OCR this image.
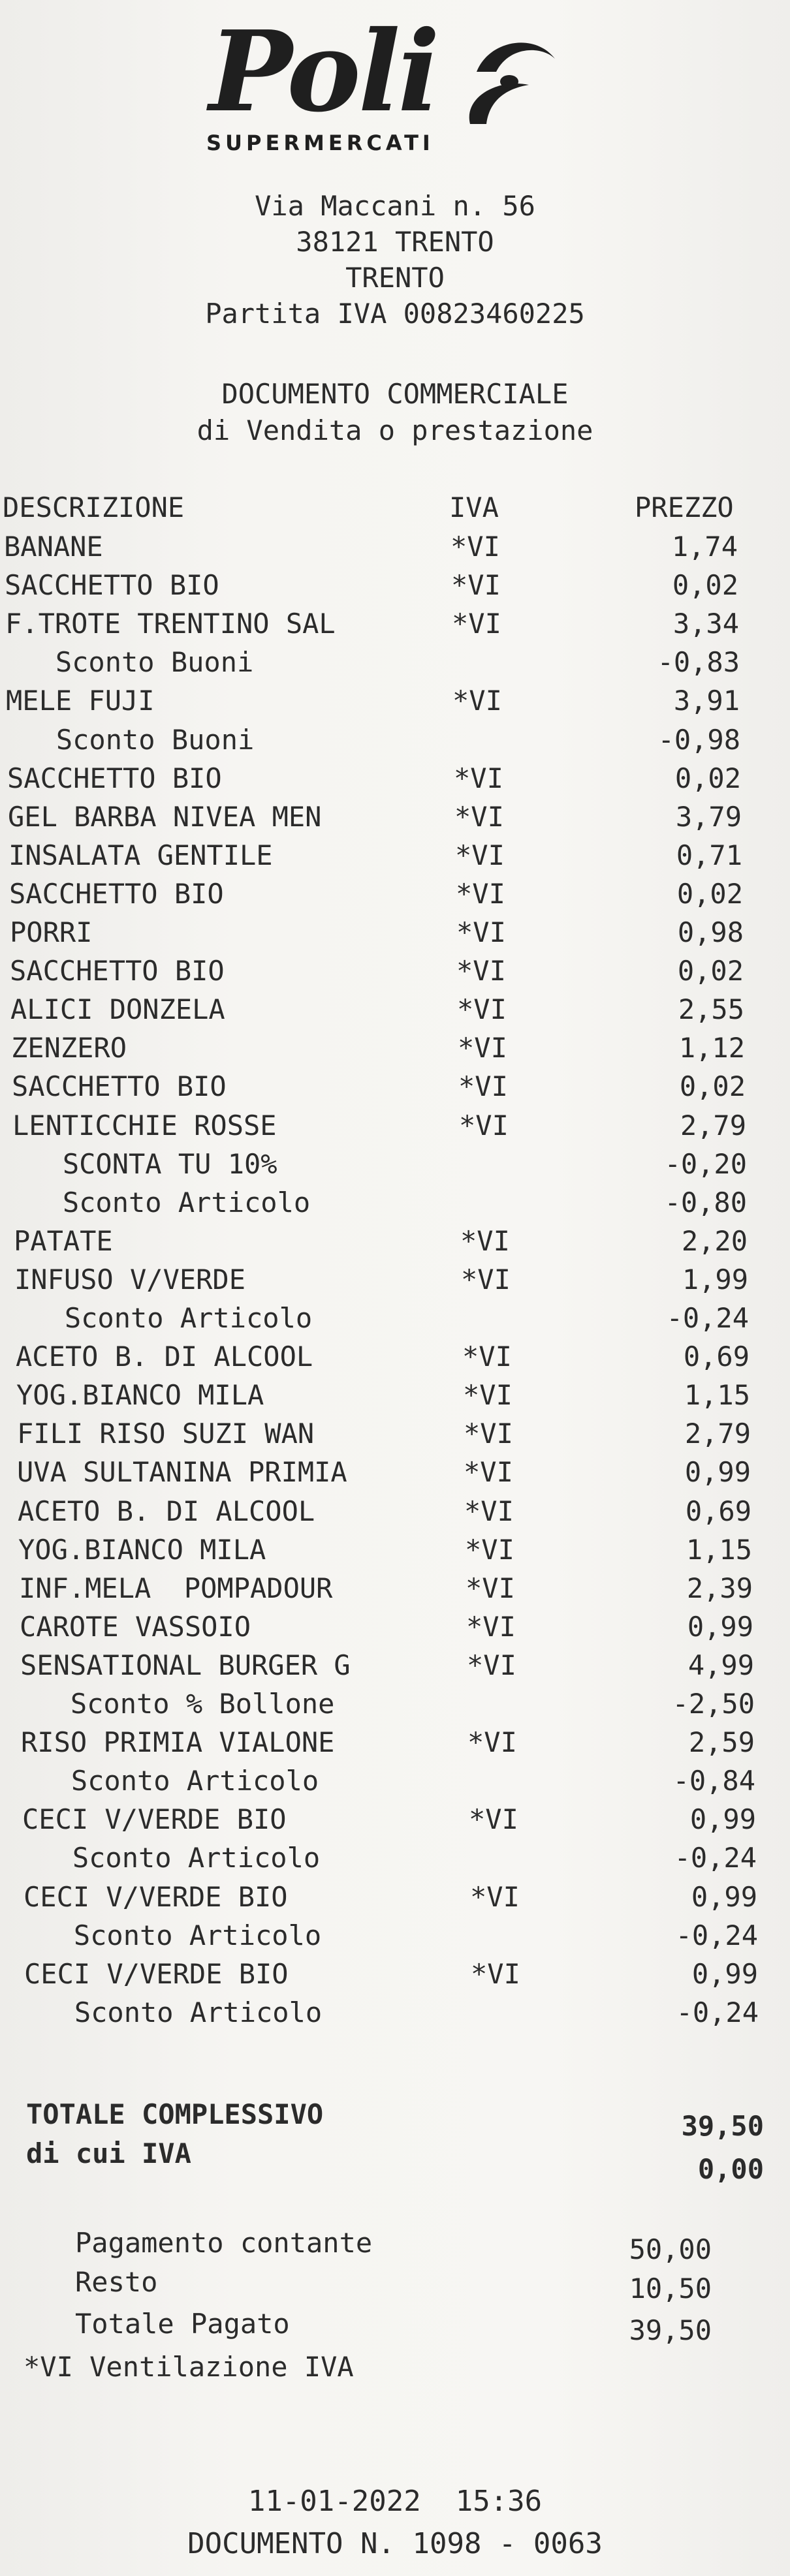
Poli
SUPERMERCATI
Via Maccani n. 56
38121 TRENTO
TRENTO
Partita IVA 00823460225
DOCUMENTO COMMERCIALE
di Vendita o prestazione
DESCRIZIONE	IVA	PREZZO
BANANE	*VI	1,74
SACCHETTO BIO	*VI	0,02
F.TROTE TRENTINO SAL	*VI	3,34
Sconto Buoni	-0,83
MELE FUJI	*VI	3,91
Sconto Buoni	-0,98
SACCHETTO BIO	*VI	0,02
GEL BARBA NIVEA MEN	*VI	3,79
INSALATA GENTILE	*VI	0,71
SACCHETTO BIO	*VI	0,02
PORRI	*VI	0,98
SACCHETTO BIO	*VI	0,02
ALICI DONZELA	*VI	2,55
ZENZERO	*VI	1,12
SACCHETTO BIO	*VI	0,02
LENTICCHIE ROSSE	*VI	2,79
SCONTA TU 10%	-0,20
Sconto Articolo	-0,80
PATATE	*VI	2,20
INFUSO V/VERDE	*VI	1,99
Sconto Articolo	-0,24
ACETO B. DI ALCOOL	*VI	0,69
YOG.BIANCO MILA	*VI	1,15
FILI RISO SUZI WAN	*VI	2,79
UVA SULTANINA PRIMIA	*VI	0,99
ACETO B. DI ALCOOL	*VI	0,69
YOG.BIANCO MILA	*VI	1,15
INF.MELA  POMPADOUR	*VI	2,39
CAROTE VASSOIO	*VI	0,99
SENSATIONAL BURGER G	*VI	4,99
Sconto % Bollone	-2,50
RISO PRIMIA VIALONE	*VI	2,59
Sconto Articolo	-0,84
CECI V/VERDE BIO	*VI	0,99
Sconto Articolo	-0,24
CECI V/VERDE BIO	*VI	0,99
Sconto Articolo	-0,24
CECI V/VERDE BIO	*VI	0,99
Sconto Articolo	-0,24
TOTALE COMPLESSIVO	39,50
di cui IVA	0,00
Pagamento contante	50,00
Resto	10,50
Totale Pagato	39,50
*VI Ventilazione IVA
11-01-2022  15:36
DOCUMENTO N. 1098 - 0063
